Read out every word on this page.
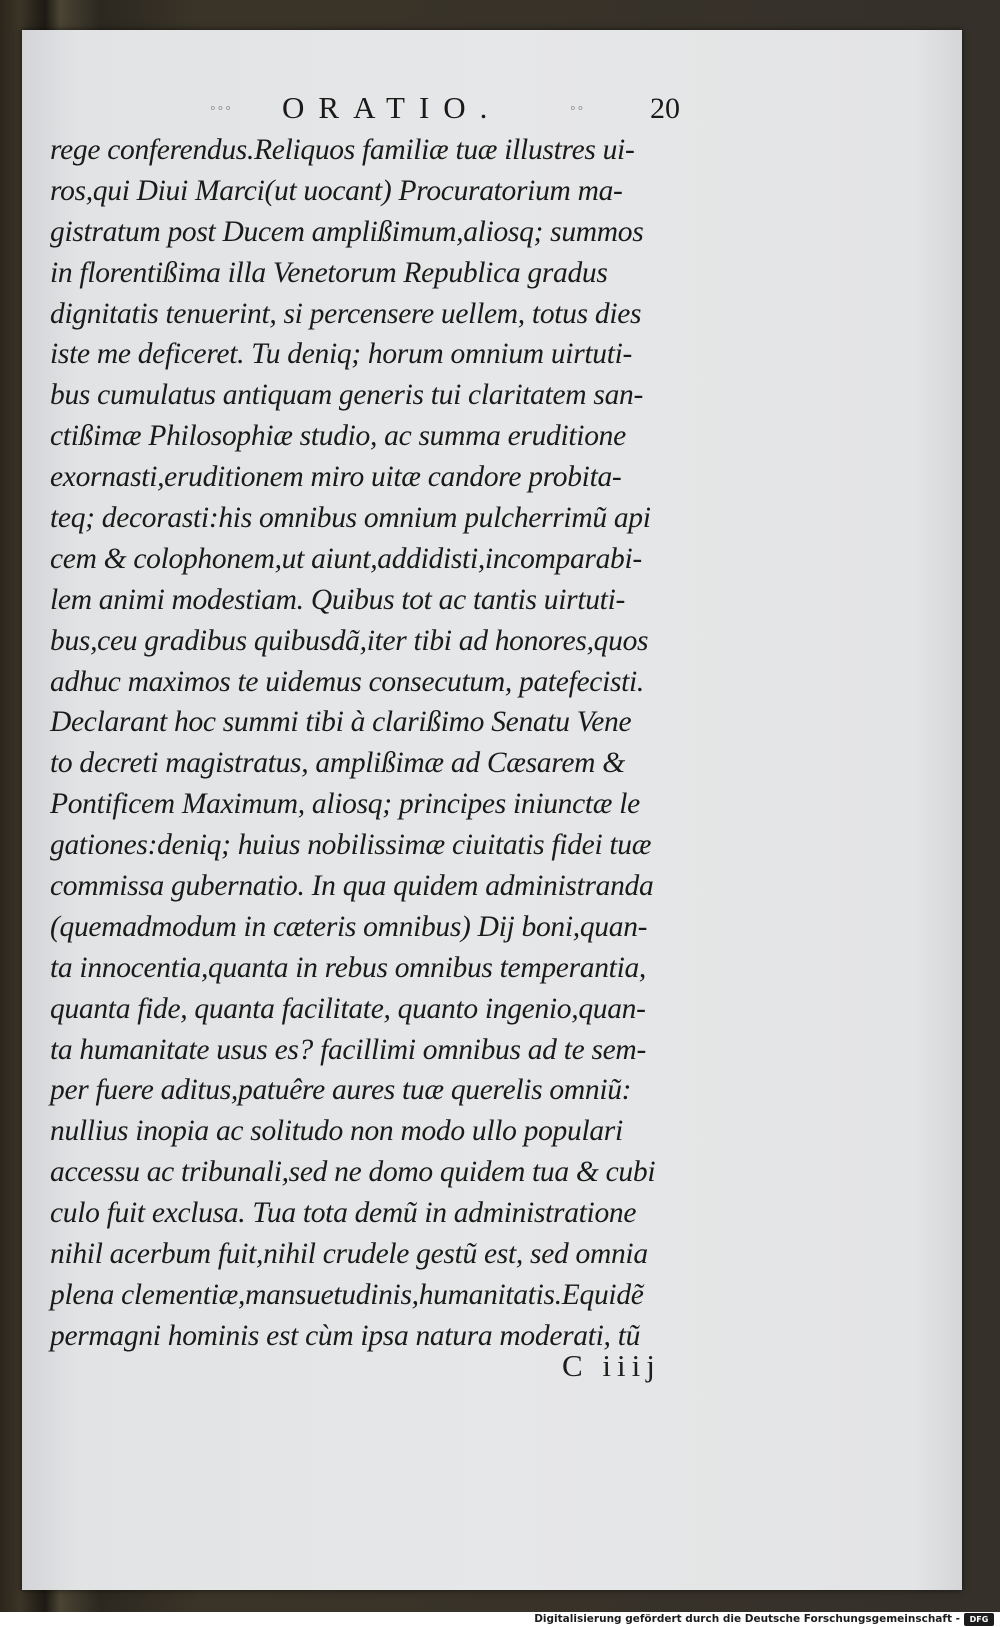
◦◦◦	ORATIO.	◦◦	20
rege conferendus.Reliquos familiæ tuæ illustres ui-
ros,qui Diui Marci(ut uocant) Procuratorium ma-
gistratum post Ducem amplißimum,aliosq; summos
in florentißima illa Venetorum Republica gradus
dignitatis tenuerint, si percensere uellem, totus dies
iste me deficeret. Tu deniq; horum omnium uirtuti-
bus cumulatus antiquam generis tui claritatem san-
ctißimæ Philosophiæ studio, ac summa eruditione
exornasti,eruditionem miro uitæ candore probita-
teq; decorasti:his omnibus omnium pulcherrimũ api
cem & colophonem,ut aiunt,addidisti,incomparabi-
lem animi modestiam. Quibus tot ac tantis uirtuti-
bus,ceu gradibus quibusdã,iter tibi ad honores,quos
adhuc maximos te uidemus consecutum, patefecisti.
Declarant hoc summi tibi à clarißimo Senatu Vene
to decreti magistratus, amplißimæ ad Cæsarem &
Pontificem Maximum, aliosq; principes iniunctæ le
gationes:deniq; huius nobilissimæ ciuitatis fidei tuæ
commissa gubernatio. In qua quidem administranda
(quemadmodum in cæteris omnibus) Dij boni,quan-
ta innocentia,quanta in rebus omnibus temperantia,
quanta fide, quanta facilitate, quanto ingenio,quan-
ta humanitate usus es? facillimi omnibus ad te sem-
per fuere aditus,patuêre aures tuæ querelis omniũ:
nullius inopia ac solitudo non modo ullo populari
accessu ac tribunali,sed ne domo quidem tua & cubi
culo fuit exclusa. Tua tota demũ in administratione
nihil acerbum fuit,nihil crudele gestũ est, sed omnia
plena clementiæ,mansuetudinis,humanitatis.Equidẽ
permagni hominis est cùm ipsa natura moderati, tũ
C iiij
Digitalisierung gefördert durch die Deutsche Forschungsgemeinschaft -	DFG
